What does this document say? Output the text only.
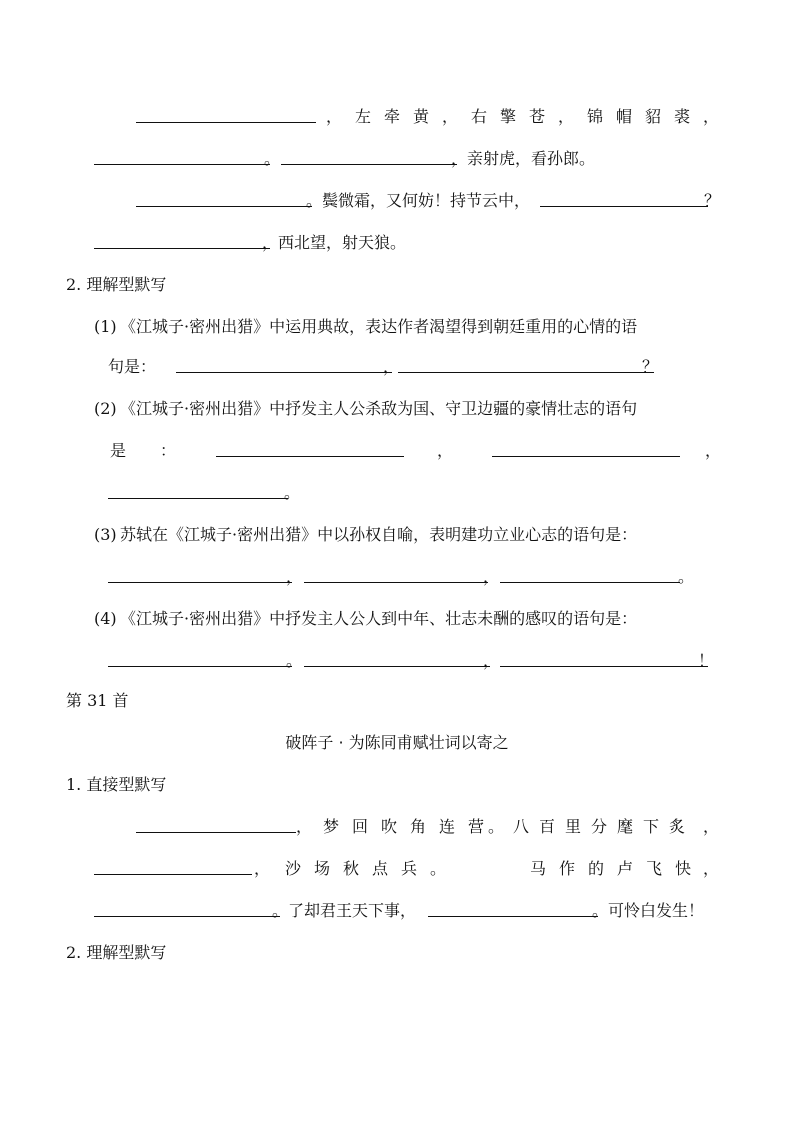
， 左 牵 黄 ， 右 擎 苍 ， 锦 帽 貂 裘 ，
。	，亲射虎，看孙郎。
。鬓微霜，又何妨！持节云中，	？
，西北望，射天狼。
2. 理解型默写
(1) 《江城子·密州出猎》中运用典故，表达作者渴望得到朝廷重用的心情的语
句是：	，	？
(2) 《江城子·密州出猎》中抒发主人公杀敌为国、守卫边疆的豪情壮志的语句
是 ：	，	，
。
(3) 苏轼在《江城子·密州出猎》中以孙权自喻，表明建功立业心志的语句是：
，	，	。
(4) 《江城子·密州出猎》中抒发主人公人到中年、壮志未酬的感叹的语句是：
。	，	！
第 31 首
破阵子 · 为陈同甫赋壮词以寄之
1. 直接型默写
， 梦 回 吹 角 连 营 。 八 百 里 分 麾 下 炙 ，
， 沙 场 秋 点 兵 。	马 作 的 卢 飞 快 ，
。了却君王天下事，	。可怜白发生！
2. 理解型默写
